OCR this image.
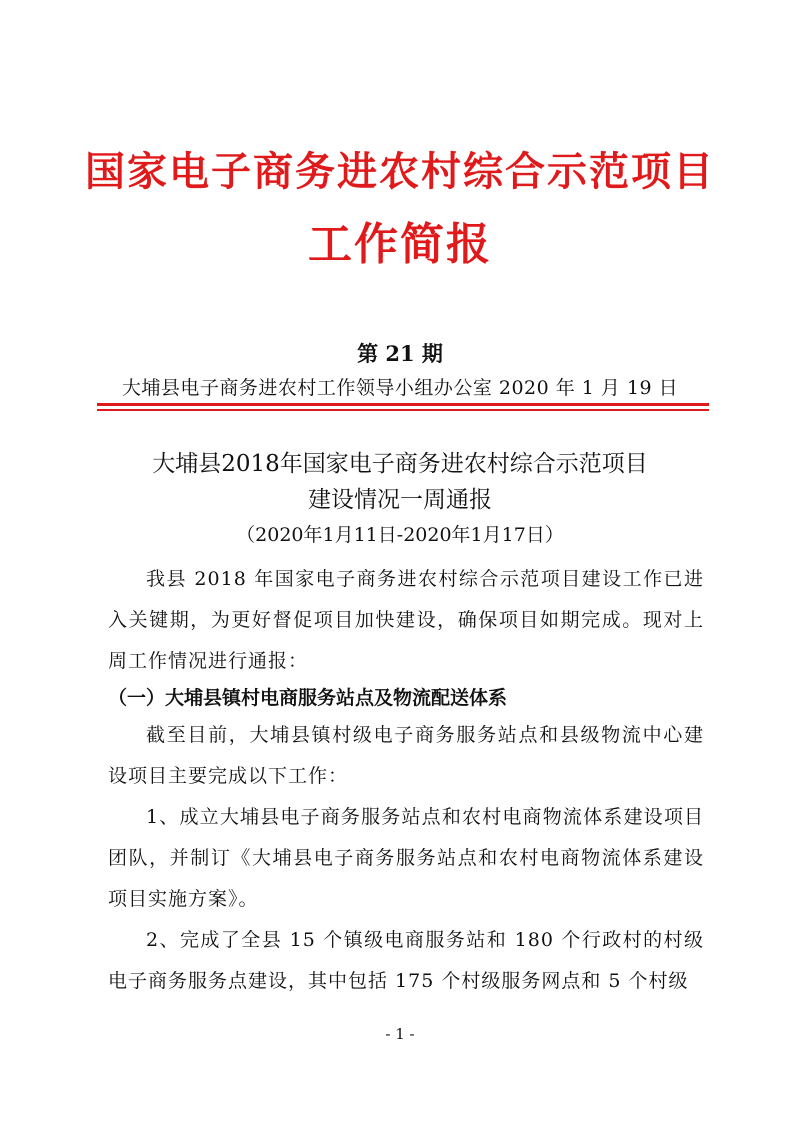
国家电子商务进农村综合示范项目
工作简报
第 21 期
大埔县电子商务进农村工作领导小组办公室 2020 年 1 月 19 日
大埔县2018年国家电子商务进农村综合示范项目
建设情况一周通报
（2020年1月11日-2020年1月17日）
我县 2018 年国家电子商务进农村综合示范项目建设工作已进入关键期，为更好督促项目加快建设，确保项目如期完成。现对上周工作情况进行通报：
（一）大埔县镇村电商服务站点及物流配送体系
截至目前，大埔县镇村级电子商务服务站点和县级物流中心建设项目主要完成以下工作：
1、成立大埔县电子商务服务站点和农村电商物流体系建设项目团队，并制订《大埔县电子商务服务站点和农村电商物流体系建设项目实施方案》。
2、完成了全县 15 个镇级电商服务站和 180 个行政村的村级电子商务服务点建设，其中包括 175 个村级服务网点和 5 个村级
- 1 -
